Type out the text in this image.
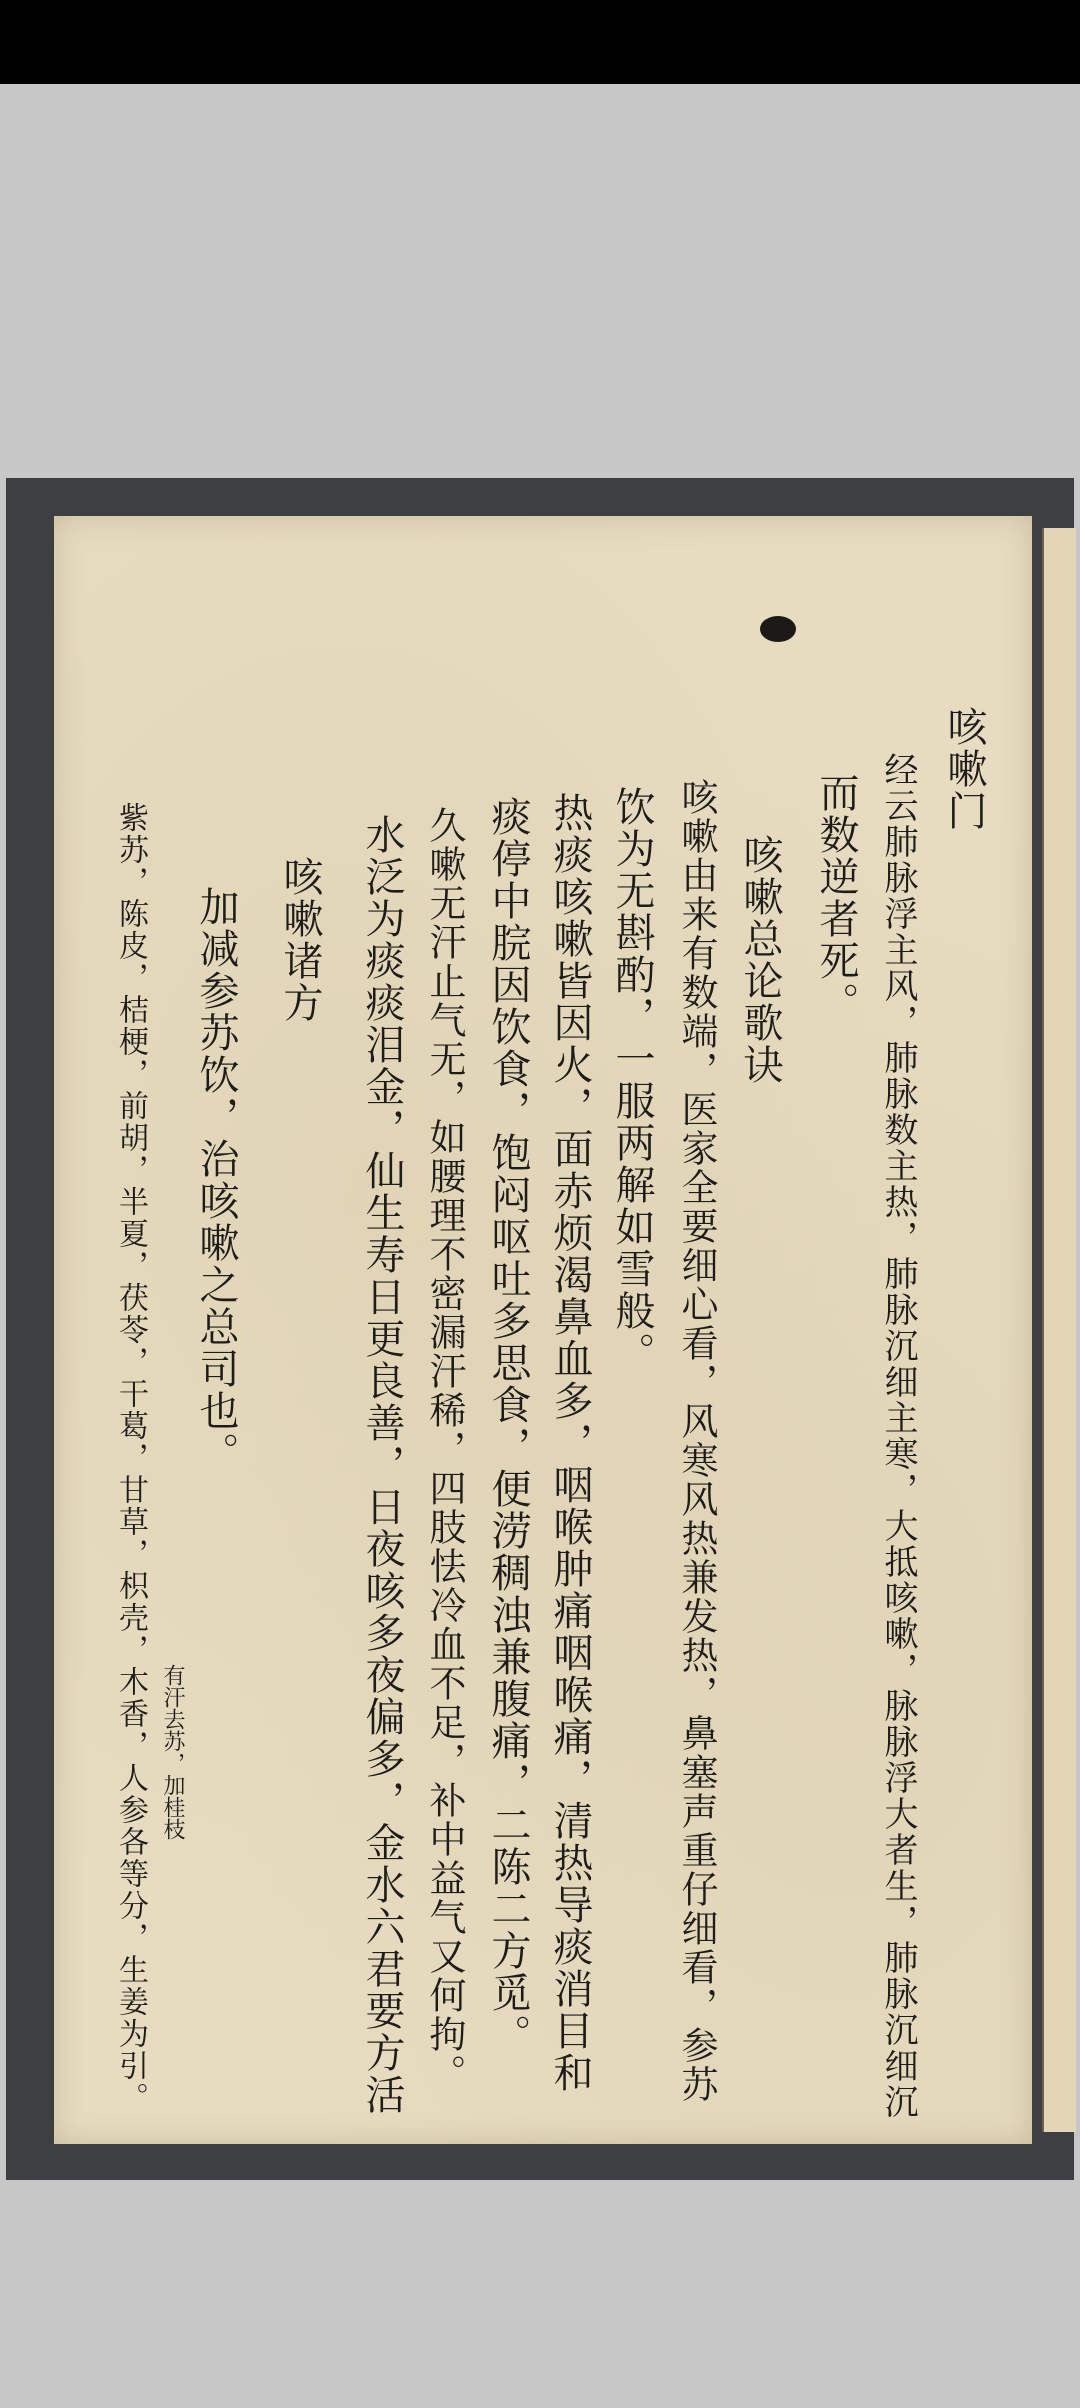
咳嗽门
经云肺脉浮主风，肺脉数主热，肺脉沉细主寒，大抵咳嗽，脉脉浮大者生，肺脉沉细沉
而数逆者死。
咳嗽总论歌诀
咳嗽由来有数端，医家全要细心看，风寒风热兼发热，鼻塞声重仔细看，参苏
饮为无斟酌，一服两解如雪般。
热痰咳嗽皆因火，面赤烦渴鼻血多，咽喉肿痛咽喉痛，清热导痰消目和
痰停中脘因饮食，饱闷呕吐多思食，便涝稠浊兼腹痛，二陈二方觅。
久嗽无汗止气无，如腰理不密漏汗稀，四肢怯冷血不足，补中益气又何拘。
水泛为痰痰泪金，仙生寿日更良善，日夜咳多夜偏多，金水六君要方活
咳嗽诸方
加减参苏饮，治咳嗽之总司也。
紫苏，陈皮，桔梗，前胡，半夏，茯苓，干葛，甘草，枳壳，木香，人参各等分，生姜为引。 有汗去苏，加桂枝
